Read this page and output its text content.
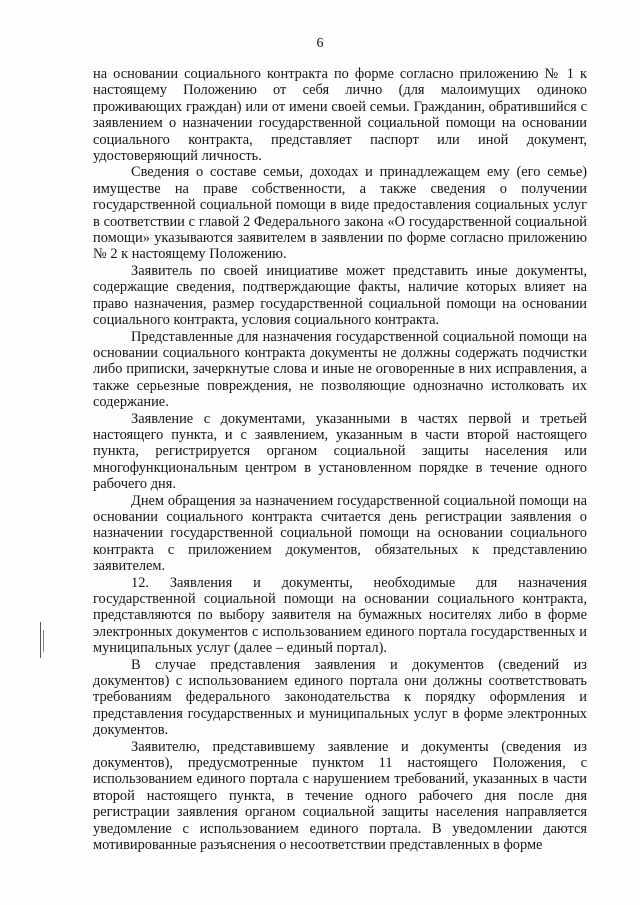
6

на основании социального контракта по форме согласно приложению № 1 к настоящему Положению от себя лично (для малоимущих одиноко проживающих граждан) или от имени своей семьи. Гражданин, обратившийся с заявлением о назначении государственной социальной помощи на основании социального контракта, представляет паспорт или иной документ, удостоверяющий личность.

Сведения о составе семьи, доходах и принадлежащем ему (его семье) имуществе на праве собственности, а также сведения о получении государственной социальной помощи в виде предоставления социальных услуг в соответствии с главой 2 Федерального закона «О государственной социальной помощи» указываются заявителем в заявлении по форме согласно приложению № 2 к настоящему Положению.

Заявитель по своей инициативе может представить иные документы, содержащие сведения, подтверждающие факты, наличие которых влияет на право назначения, размер государственной социальной помощи на основании социального контракта, условия социального контракта.

Представленные для назначения государственной социальной помощи на основании социального контракта документы не должны содержать подчистки либо приписки, зачеркнутые слова и иные не оговоренные в них исправления, а также серьезные повреждения, не позволяющие однозначно истолковать их содержание.

Заявление с документами, указанными в частях первой и третьей настоящего пункта, и с заявлением, указанным в части второй настоящего пункта, регистрируется органом социальной защиты населения или многофункциональным центром в установленном порядке в течение одного рабочего дня.

Днем обращения за назначением государственной социальной помощи на основании социального контракта считается день регистрации заявления о назначении государственной социальной помощи на основании социального контракта с приложением документов, обязательных к представлению заявителем.

12. Заявления и документы, необходимые для назначения государственной социальной помощи на основании социального контракта, представляются по выбору заявителя на бумажных носителях либо в форме электронных документов с использованием единого портала государственных и муниципальных услуг (далее – единый портал).

В случае представления заявления и документов (сведений из документов) с использованием единого портала они должны соответствовать требованиям федерального законодательства к порядку оформления и представления государственных и муниципальных услуг в форме электронных документов.

Заявителю, представившему заявление и документы (сведения из документов), предусмотренные пунктом 11 настоящего Положения, с использованием единого портала с нарушением требований, указанных в части второй настоящего пункта, в течение одного рабочего дня после дня регистрации заявления органом социальной защиты населения направляется уведомление с использованием единого портала. В уведомлении даются мотивированные разъяснения о несоответствии представленных в форме
